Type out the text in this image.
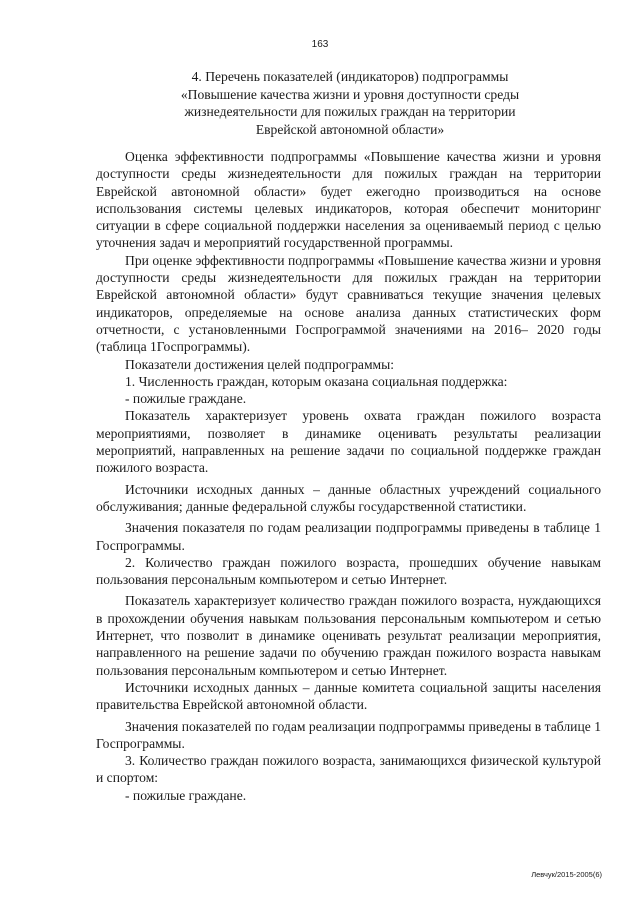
163
4. Перечень показателей (индикаторов) подпрограммы
«Повышение качества жизни и уровня доступности среды
жизнедеятельности для пожилых граждан на территории
Еврейской автономной области»

Оценка эффективности подпрограммы «Повышение качества жизни и уровня доступности среды жизнедеятельности для пожилых граждан на территории Еврейской автономной области» будет ежегодно производиться на основе использования системы целевых индикаторов, которая обеспечит мониторинг ситуации в сфере социальной поддержки населения за оцениваемый период с целью уточнения задач и мероприятий государственной программы.

При оценке эффективности подпрограммы «Повышение качества жизни и уровня доступности среды жизнедеятельности для пожилых граждан на территории Еврейской автономной области» будут сравниваться текущие значения целевых индикаторов, определяемые на основе анализа данных статистических форм отчетности, с установленными Госпрограммой значениями на 2016– 2020 годы (таблица 1Госпрограммы).

Показатели достижения целей подпрограммы:

1. Численность граждан, которым оказана социальная поддержка:

- пожилые граждане.

Показатель характеризует уровень охвата граждан пожилого возраста мероприятиями, позволяет в динамике оценивать результаты реализации мероприятий, направленных на решение задачи по социальной поддержке граждан пожилого возраста.

Источники исходных данных – данные областных учреждений социального обслуживания; данные федеральной службы государственной статистики.

Значения показателя по годам реализации подпрограммы приведены в таблице 1 Госпрограммы.

2. Количество граждан пожилого возраста, прошедших обучение навыкам пользования персональным компьютером и сетью Интернет.

Показатель характеризует количество граждан пожилого возраста, нуждающихся в прохождении обучения навыкам пользования персональным компьютером и сетью Интернет, что позволит в динамике оценивать результат реализации мероприятия, направленного на решение задачи по обучению граждан пожилого возраста навыкам пользования персональным компьютером и сетью Интернет.

Источники исходных данных – данные комитета социальной защиты населения правительства Еврейской автономной области.

Значения показателей по годам реализации подпрограммы приведены в таблице 1 Госпрограммы.

3. Количество граждан пожилого возраста, занимающихся физической культурой и спортом:

- пожилые граждане.

Левчук/2015-2005(6)
